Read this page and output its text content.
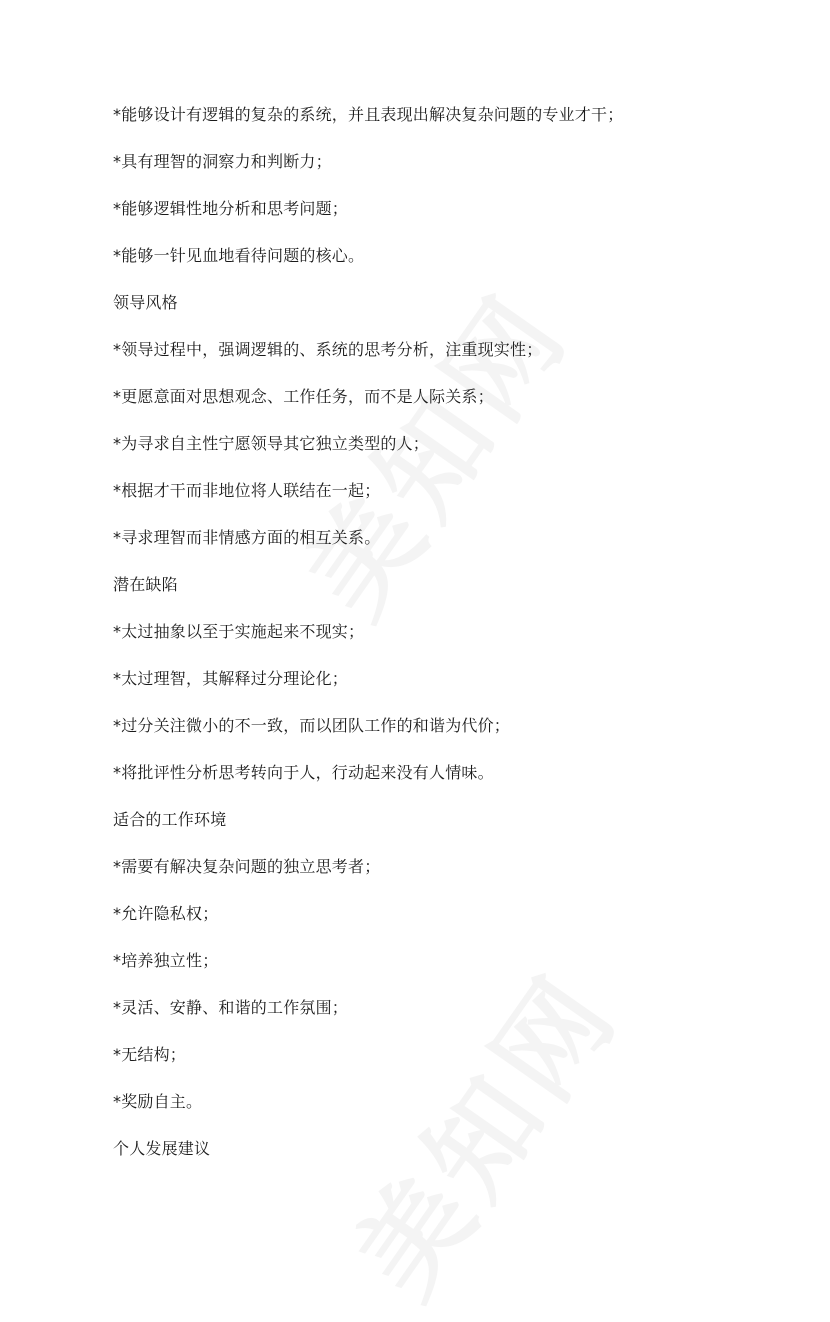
*能够设计有逻辑的复杂的系统，并且表现出解决复杂问题的专业才干；
*具有理智的洞察力和判断力；
*能够逻辑性地分析和思考问题；
*能够一针见血地看待问题的核心。
领导风格
*领导过程中，强调逻辑的、系统的思考分析，注重现实性；
*更愿意面对思想观念、工作任务，而不是人际关系；
*为寻求自主性宁愿领导其它独立类型的人；
*根据才干而非地位将人联结在一起；
*寻求理智而非情感方面的相互关系。
潜在缺陷
*太过抽象以至于实施起来不现实；
*太过理智，其解释过分理论化；
*过分关注微小的不一致，而以团队工作的和谐为代价；
*将批评性分析思考转向于人，行动起来没有人情味。
适合的工作环境
*需要有解决复杂问题的独立思考者；
*允许隐私权；
*培养独立性；
*灵活、安静、和谐的工作氛围；
*无结构；
*奖励自主。
个人发展建议
